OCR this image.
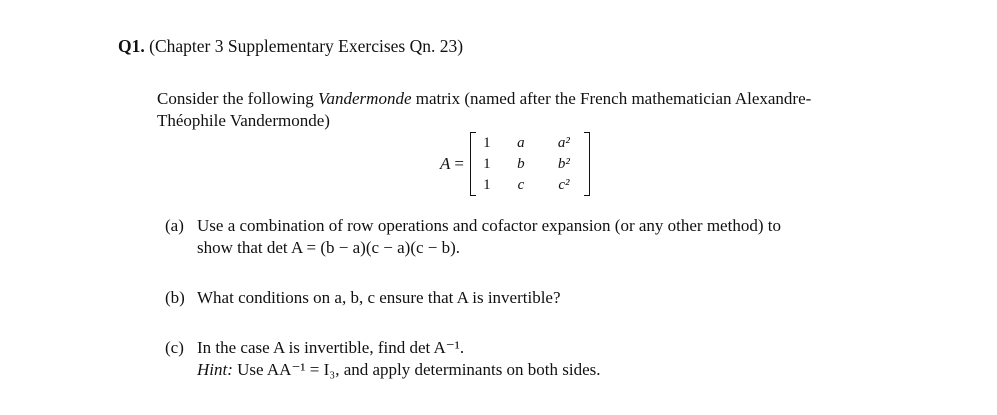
Q1. (Chapter 3 Supplementary Exercises Qn. 23)
Consider the following Vandermonde matrix (named after the French mathematician Alexandre-
Théophile Vandermonde)
A =
1	a	a²
1	b	b²
1	c	c²
(a) Use a combination of row operations and cofactor expansion (or any other method) to

show that det A = (b − a)(c − a)(c − b).
(b) What conditions on a, b, c ensure that A is invertible?
(c) In the case A is invertible, find det A⁻¹.

Hint: Use AA⁻¹ = I₃, and apply determinants on both sides.
